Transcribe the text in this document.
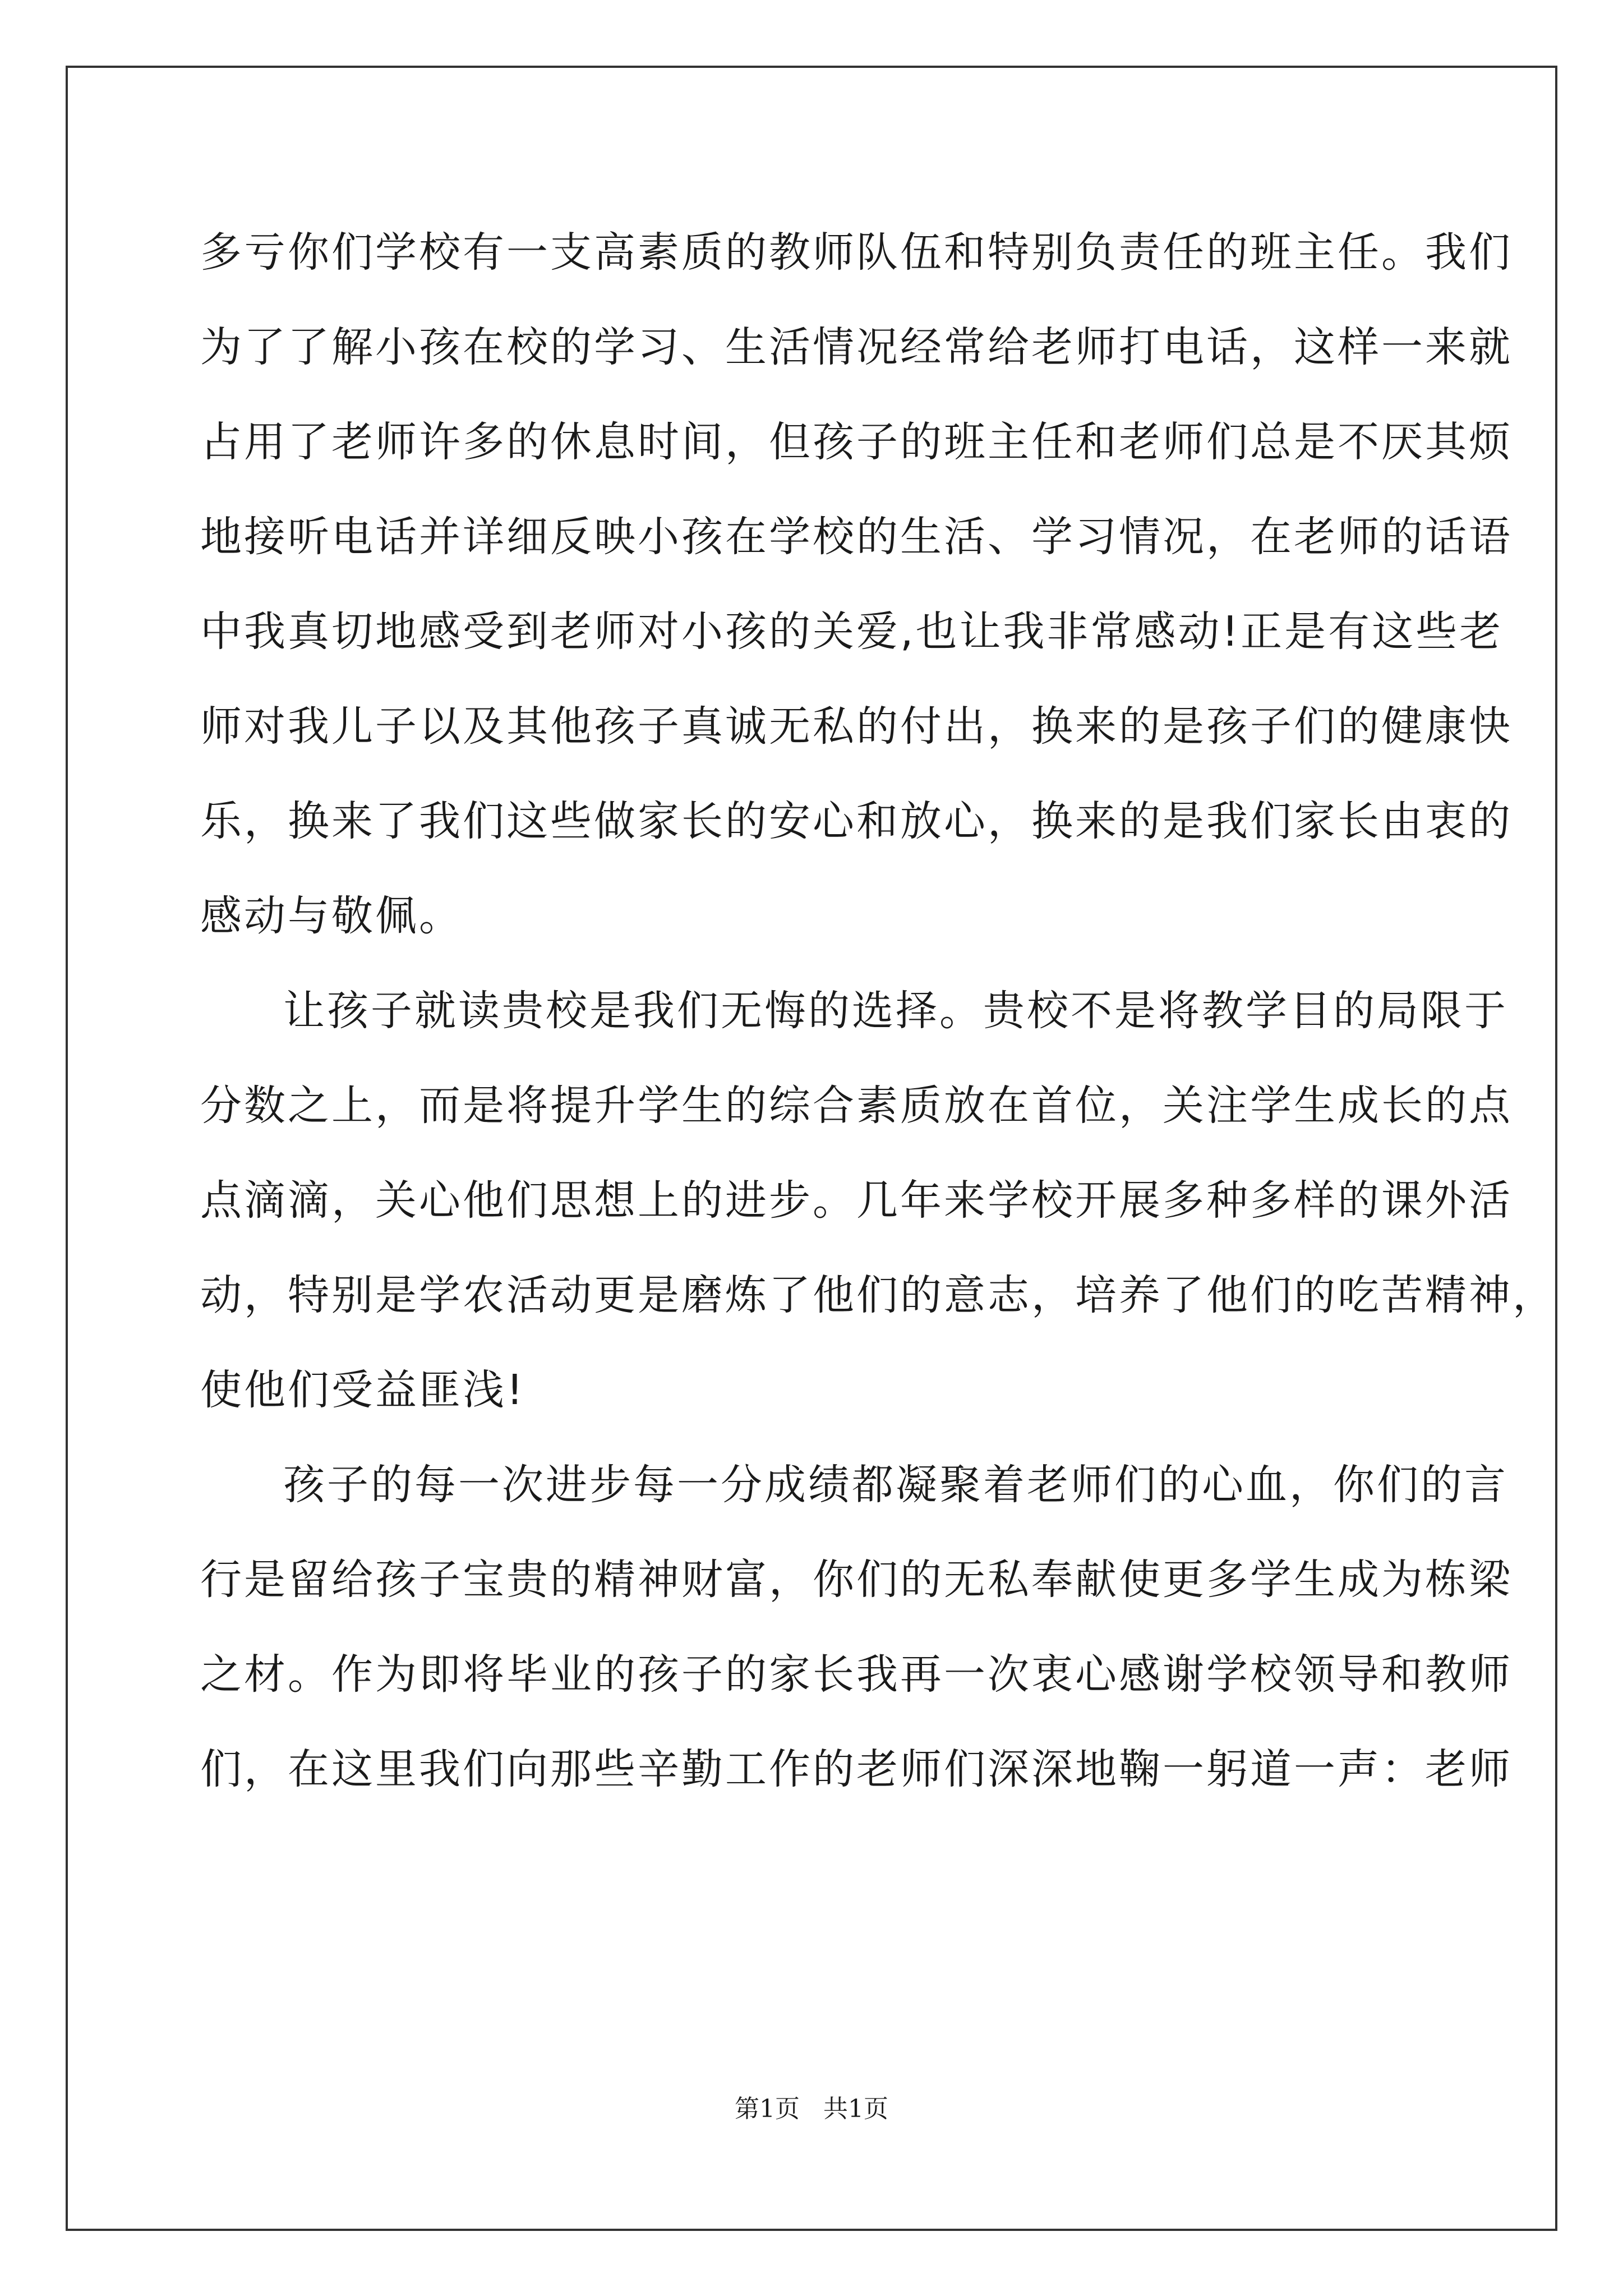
多亏你们学校有一支高素质的教师队伍和特别负责任的班主任。我们
为了了解小孩在校的学习、生活情况经常给老师打电话，这样一来就
占用了老师许多的休息时间，但孩子的班主任和老师们总是不厌其烦
地接听电话并详细反映小孩在学校的生活、学习情况，在老师的话语
中我真切地感受到老师对小孩的关爱,也让我非常感动!正是有这些老
师对我儿子以及其他孩子真诚无私的付出，换来的是孩子们的健康快
乐，换来了我们这些做家长的安心和放心，换来的是我们家长由衷的
感动与敬佩。
让孩子就读贵校是我们无悔的选择。贵校不是将教学目的局限于
分数之上，而是将提升学生的综合素质放在首位，关注学生成长的点
点滴滴，关心他们思想上的进步。几年来学校开展多种多样的课外活
动，特别是学农活动更是磨炼了他们的意志，培养了他们的吃苦精神，
使他们受益匪浅!
孩子的每一次进步每一分成绩都凝聚着老师们的心血，你们的言
行是留给孩子宝贵的精神财富，你们的无私奉献使更多学生成为栋梁
之材。作为即将毕业的孩子的家长我再一次衷心感谢学校领导和教师
们，在这里我们向那些辛勤工作的老师们深深地鞠一躬道一声：老师
第1页 共1页
